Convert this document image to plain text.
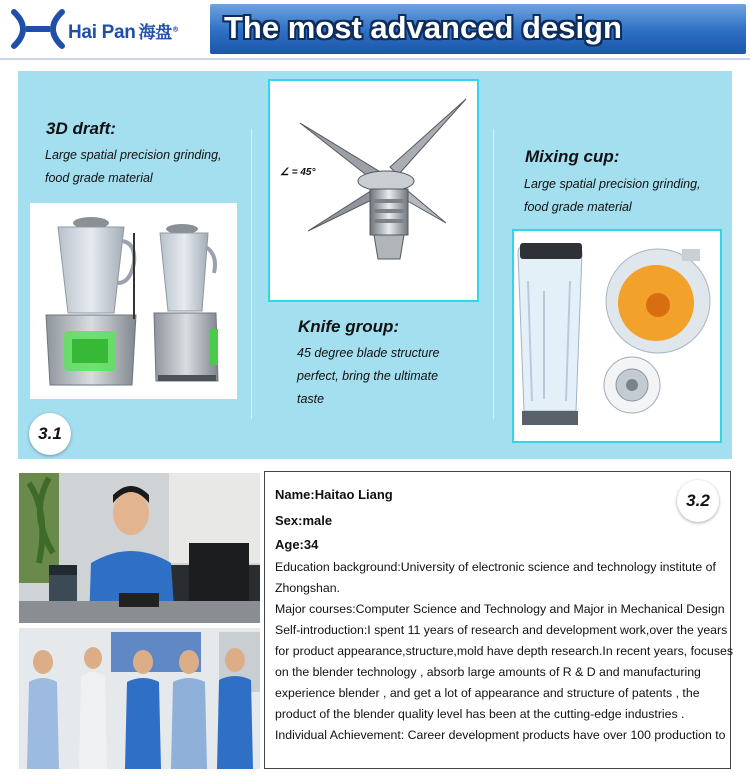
Hai Pan 海盘® The most advanced design
3D draft:
Large spatial precision grinding,
food grade material	∠ = 45°
Knife group:
45 degree blade structure
perfect, bring the ultimate
taste
Mixing cup:
Large spatial precision grinding,
food grade material
3.1
Name:Haitao Liang
Sex:male
Age:34
Education background:University of electronic science and technology institute of
Zhongshan.
Major courses:Computer Science and Technology and Major in Mechanical Design
Self-introduction:I spent 11 years of research and development work,over the years
for product appearance,structure,mold have depth research.In recent years, focuses
on the blender technology , absorb large amounts of R & D and manufacturing
experience blender , and get a lot of appearance and structure of patents , the
product of the blender quality level has been at the cutting-edge industries .
Individual Achievement: Career development products have over 100 production to
3.2
